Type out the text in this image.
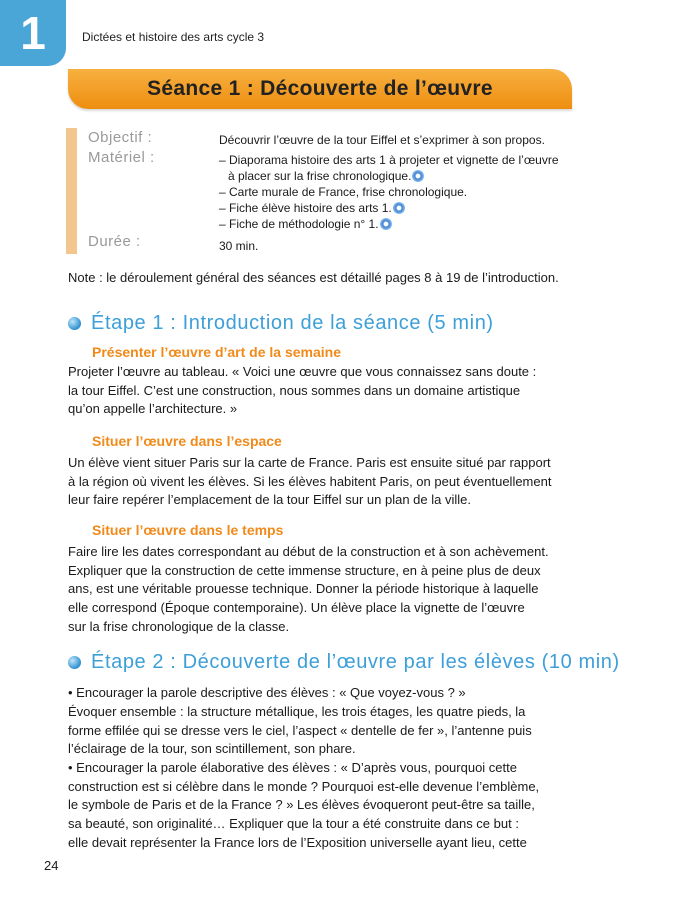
1	Dictées et histoire des arts cycle 3
Séance 1 : Découverte de l’œuvre
Objectif :	Découvrir l’œuvre de la tour Eiffel et s’exprimer à son propos.
Matériel :	– Diaporama histoire des arts 1 à projeter et vignette de l’œuvre
à placer sur la frise chronologique.
– Carte murale de France, frise chronologique.
– Fiche élève histoire des arts 1.
– Fiche de méthodologie n° 1.
Durée :	30 min.
Note : le déroulement général des séances est détaillé pages 8 à 19 de l’introduction.
Étape 1 : Introduction de la séance (5 min)
Présenter l’œuvre d’art de la semaine
Projeter l’œuvre au tableau. « Voici une œuvre que vous connaissez sans doute :
la tour Eiffel. C’est une construction, nous sommes dans un domaine artistique
qu’on appelle l’architecture. »
Situer l’œuvre dans l’espace
Un élève vient situer Paris sur la carte de France. Paris est ensuite situé par rapport
à la région où vivent les élèves. Si les élèves habitent Paris, on peut éventuellement
leur faire repérer l’emplacement de la tour Eiffel sur un plan de la ville.
Situer l’œuvre dans le temps
Faire lire les dates correspondant au début de la construction et à son achèvement.
Expliquer que la construction de cette immense structure, en à peine plus de deux
ans, est une véritable prouesse technique. Donner la période historique à laquelle
elle correspond (Époque contemporaine). Un élève place la vignette de l’œuvre
sur la frise chronologique de la classe.
Étape 2 : Découverte de l’œuvre par les élèves (10 min)
• Encourager la parole descriptive des élèves : « Que voyez-vous ? »
Évoquer ensemble : la structure métallique, les trois étages, les quatre pieds, la
forme effilée qui se dresse vers le ciel, l’aspect « dentelle de fer », l’antenne puis
l’éclairage de la tour, son scintillement, son phare.
• Encourager la parole élaborative des élèves : « D’après vous, pourquoi cette
construction est si célèbre dans le monde ? Pourquoi est-elle devenue l’emblème,
le symbole de Paris et de la France ? » Les élèves évoqueront peut-être sa taille,
sa beauté, son originalité… Expliquer que la tour a été construite dans ce but :
elle devait représenter la France lors de l’Exposition universelle ayant lieu, cette
24
